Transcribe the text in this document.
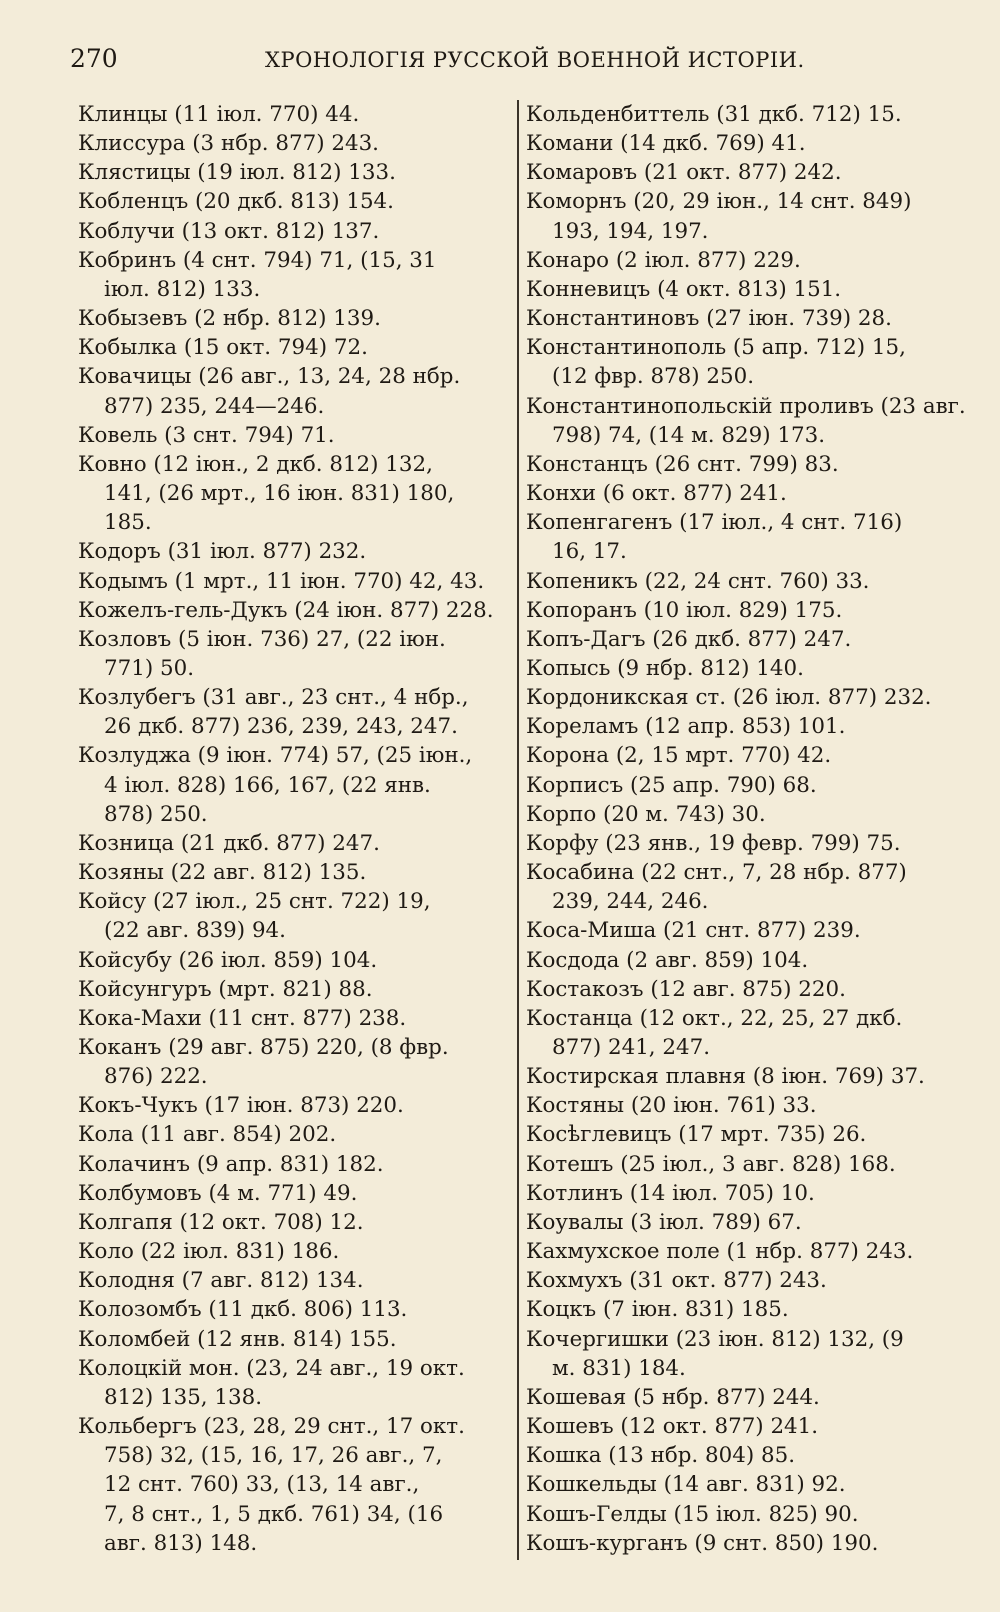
270	ХРОНОЛОГІЯ РУССКОЙ ВОЕННОЙ ИСТОРІИ.
Клинцы (11 іюл. 770) 44.
Клиссура (3 нбр. 877) 243.
Клястицы (19 іюл. 812) 133.
Кобленцъ (20 дкб. 813) 154.
Коблучи (13 окт. 812) 137.
Кобринъ (4 снт. 794) 71, (15, 31
іюл. 812) 133.
Кобызевъ (2 нбр. 812) 139.
Кобылка (15 окт. 794) 72.
Ковачицы (26 авг., 13, 24, 28 нбр.
877) 235, 244—246.
Ковель (3 снт. 794) 71.
Ковно (12 іюн., 2 дкб. 812) 132,
141, (26 мрт., 16 іюн. 831) 180,
185.
Кодоръ (31 іюл. 877) 232.
Кодымъ (1 мрт., 11 іюн. 770) 42, 43.
Кожелъ-гель-Дукъ (24 іюн. 877) 228.
Козловъ (5 іюн. 736) 27, (22 іюн.
771) 50.
Козлубегъ (31 авг., 23 снт., 4 нбр.,
26 дкб. 877) 236, 239, 243, 247.
Козлуджа (9 іюн. 774) 57, (25 іюн.,
4 іюл. 828) 166, 167, (22 янв.
878) 250.
Козница (21 дкб. 877) 247.
Козяны (22 авг. 812) 135.
Койсу (27 іюл., 25 снт. 722) 19,
(22 авг. 839) 94.
Койсубу (26 іюл. 859) 104.
Койсунгуръ (мрт. 821) 88.
Кока-Махи (11 снт. 877) 238.
Коканъ (29 авг. 875) 220, (8 фвр.
876) 222.
Кокъ-Чукъ (17 іюн. 873) 220.
Кола (11 авг. 854) 202.
Колачинъ (9 апр. 831) 182.
Колбумовъ (4 м. 771) 49.
Колгапя (12 окт. 708) 12.
Коло (22 іюл. 831) 186.
Колодня (7 авг. 812) 134.
Колозомбъ (11 дкб. 806) 113.
Коломбей (12 янв. 814) 155.
Колоцкій мон. (23, 24 авг., 19 окт.
812) 135, 138.
Кольбергъ (23, 28, 29 снт., 17 окт.
758) 32, (15, 16, 17, 26 авг., 7,
12 снт. 760) 33, (13, 14 авг.,
7, 8 снт., 1, 5 дкб. 761) 34, (16
авг. 813) 148.
Кольденбиттель (31 дкб. 712) 15.
Комани (14 дкб. 769) 41.
Комаровъ (21 окт. 877) 242.
Коморнъ (20, 29 іюн., 14 снт. 849)
193, 194, 197.
Конаро (2 іюл. 877) 229.
Конневицъ (4 окт. 813) 151.
Константиновъ (27 іюн. 739) 28.
Константинополь (5 апр. 712) 15,
(12 фвр. 878) 250.
Константинопольскій проливъ (23 авг.
798) 74, (14 м. 829) 173.
Констанцъ (26 снт. 799) 83.
Конхи (6 окт. 877) 241.
Копенгагенъ (17 іюл., 4 снт. 716)
16, 17.
Копеникъ (22, 24 снт. 760) 33.
Копоранъ (10 іюл. 829) 175.
Копъ-Дагъ (26 дкб. 877) 247.
Копысь (9 нбр. 812) 140.
Кордоникская ст. (26 іюл. 877) 232.
Кореламъ (12 апр. 853) 101.
Корона (2, 15 мрт. 770) 42.
Корписъ (25 апр. 790) 68.
Корпо (20 м. 743) 30.
Корфу (23 янв., 19 февр. 799) 75.
Косабина (22 снт., 7, 28 нбр. 877)
239, 244, 246.
Коса-Миша (21 снт. 877) 239.
Косдода (2 авг. 859) 104.
Костакозъ (12 авг. 875) 220.
Костанца (12 окт., 22, 25, 27 дкб.
877) 241, 247.
Костирская плавня (8 іюн. 769) 37.
Костяны (20 іюн. 761) 33.
Косѣглевицъ (17 мрт. 735) 26.
Котешъ (25 іюл., 3 авг. 828) 168.
Котлинъ (14 іюл. 705) 10.
Коувалы (3 іюл. 789) 67.
Кахмухское поле (1 нбр. 877) 243.
Кохмухъ (31 окт. 877) 243.
Коцкъ (7 іюн. 831) 185.
Кочергишки (23 іюн. 812) 132, (9
м. 831) 184.
Кошевая (5 нбр. 877) 244.
Кошевъ (12 окт. 877) 241.
Кошка (13 нбр. 804) 85.
Кошкельды (14 авг. 831) 92.
Кошъ-Гелды (15 іюл. 825) 90.
Кошъ-курганъ (9 снт. 850) 190.
